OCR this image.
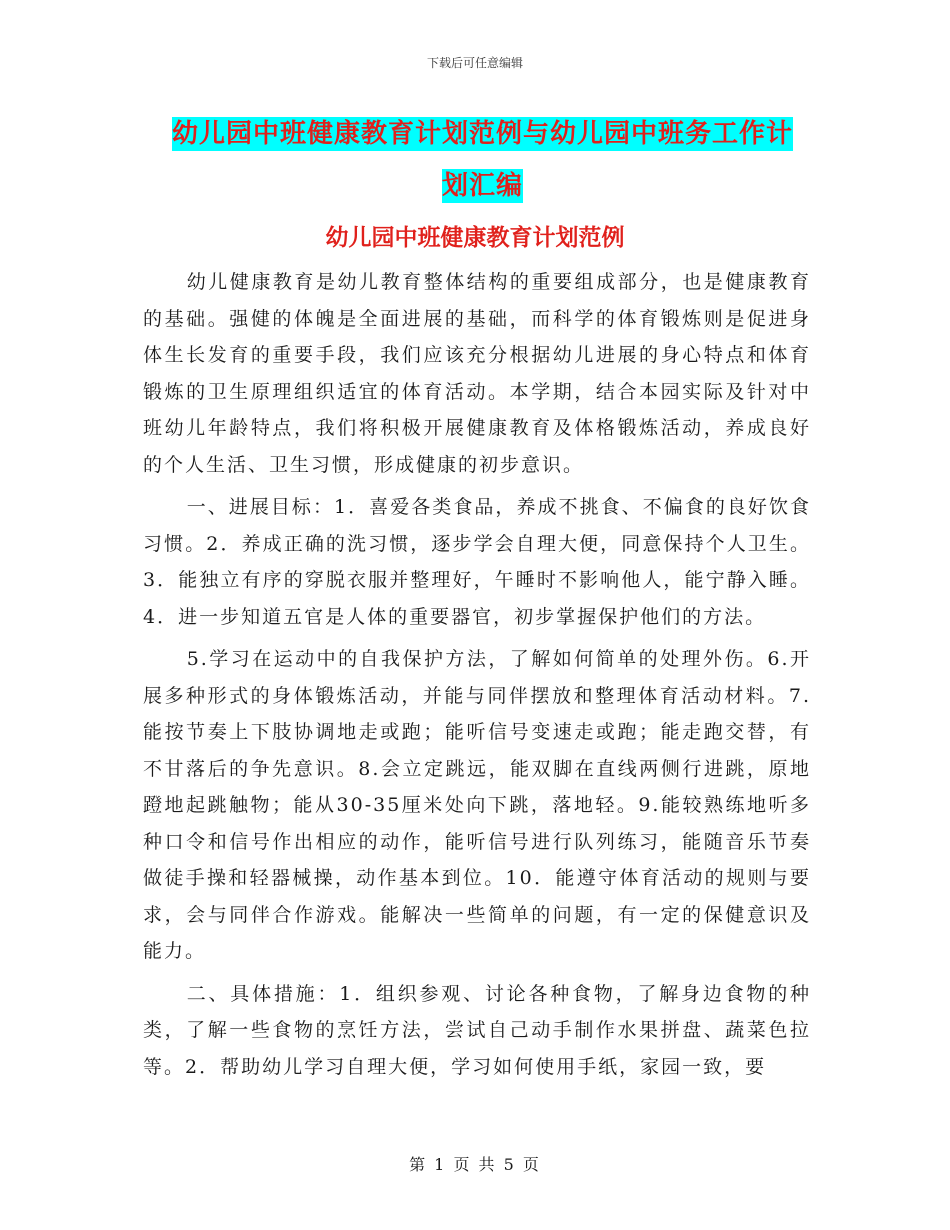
下载后可任意编辑
幼儿园中班健康教育计划范例与幼儿园中班务工作计
划汇编
幼儿园中班健康教育计划范例

幼儿健康教育是幼儿教育整体结构的重要组成部分，也是健康教育的基础。强健的体魄是全面进展的基础，而科学的体育锻炼则是促进身体生长发育的重要手段，我们应该充分根据幼儿进展的身心特点和体育锻炼的卫生原理组织适宜的体育活动。本学期，结合本园实际及针对中班幼儿年龄特点，我们将积极开展健康教育及体格锻炼活动，养成良好的个人生活、卫生习惯，形成健康的初步意识。

一、进展目标：1．喜爱各类食品，养成不挑食、不偏食的良好饮食习惯。2．养成正确的洗习惯，逐步学会自理大便，同意保持个人卫生。3．能独立有序的穿脱衣服并整理好，午睡时不影响他人，能宁静入睡。4．进一步知道五官是人体的重要器官，初步掌握保护他们的方法。

5.学习在运动中的自我保护方法，了解如何简单的处理外伤。6.开展多种形式的身体锻炼活动，并能与同伴摆放和整理体育活动材料。7.能按节奏上下肢协调地走或跑；能听信号变速走或跑；能走跑交替，有不甘落后的争先意识。8.会立定跳远，能双脚在直线两侧行进跳，原地蹬地起跳触物；能从30-35厘米处向下跳，落地轻。9.能较熟练地听多种口令和信号作出相应的动作，能听信号进行队列练习，能随音乐节奏做徒手操和轻器械操，动作基本到位。10．能遵守体育活动的规则与要求，会与同伴合作游戏。能解决一些简单的问题，有一定的保健意识及能力。

二、具体措施：1．组织参观、讨论各种食物，了解身边食物的种类，了解一些食物的烹饪方法，尝试自己动手制作水果拼盘、蔬菜色拉等。2．帮助幼儿学习自理大便，学习如何使用手纸，家园一致，要

第 1 页 共 5 页
